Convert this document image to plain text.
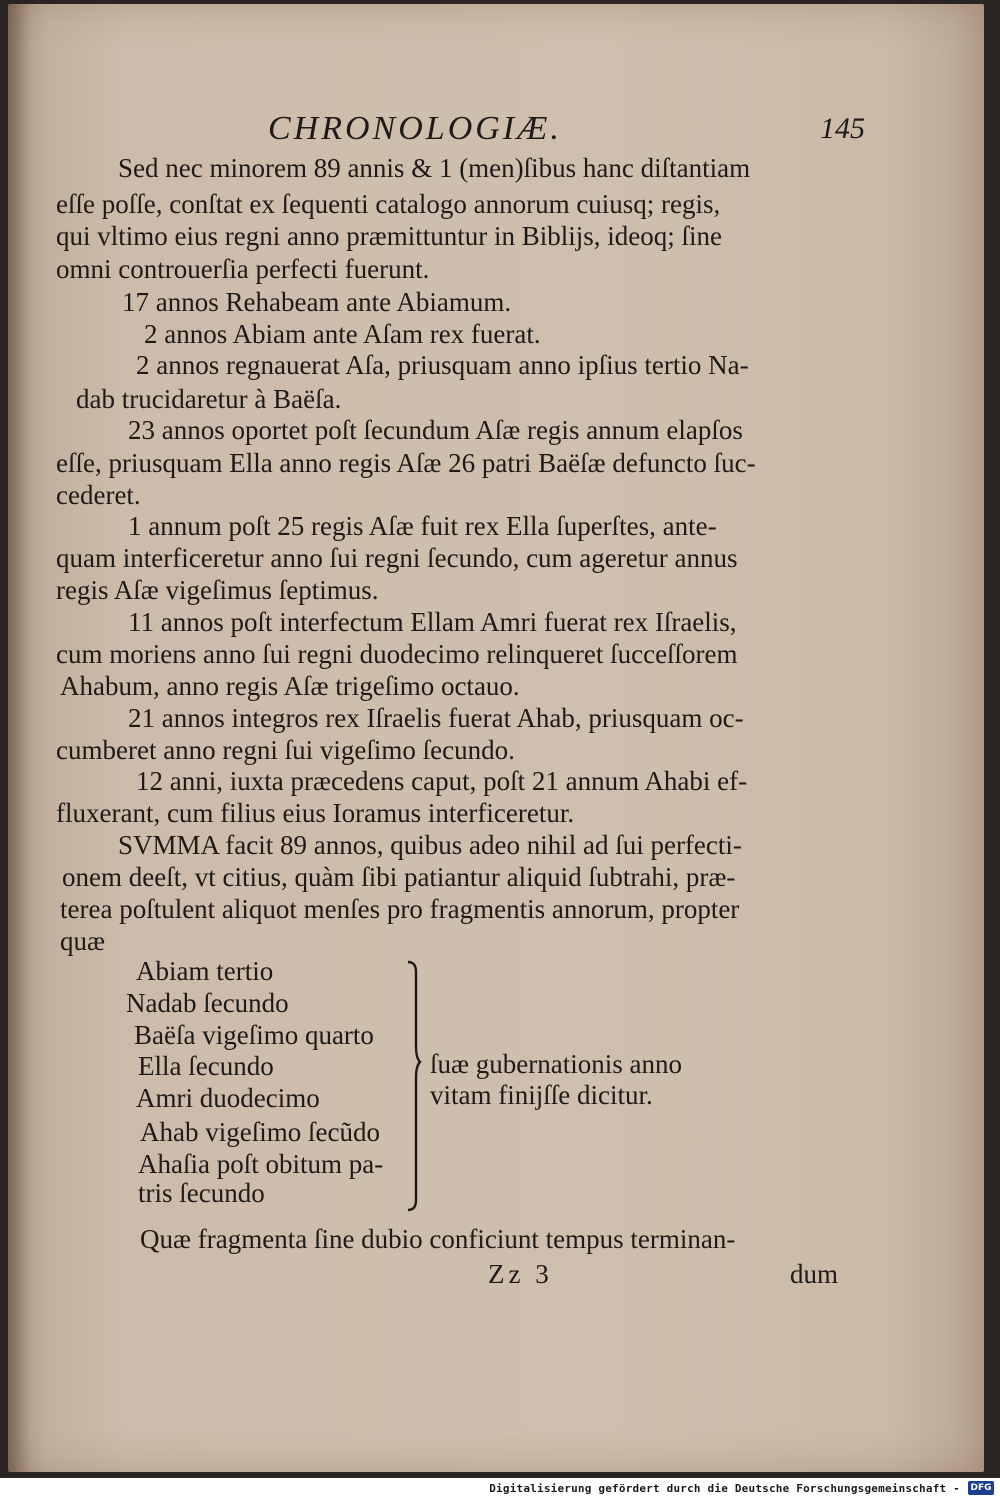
CHRONOLOGIÆ.	145
Sed nec minorem 89 annis & 1 (men)ſibus hanc diſtantiam
eſſe poſſe, conſtat ex ſequenti catalogo annorum cuiusq; regis,
qui vltimo eius regni anno præmittuntur in Biblijs, ideoq; ſine
omni controuerſia perfecti fuerunt.
17 annos Rehabeam ante Abiamum.
2 annos Abiam ante Aſam rex fuerat.
2 annos regnauerat Aſa, priusquam anno ipſius tertio Na-
dab trucidaretur à Baëſa.
23 annos oportet poſt ſecundum Aſæ regis annum elapſos
eſſe, priusquam Ella anno regis Aſæ 26 patri Baëſæ defuncto ſuc-
cederet.
1 annum poſt 25 regis Aſæ fuit rex Ella ſuperſtes, ante-
quam interficeretur anno ſui regni ſecundo, cum ageretur annus
regis Aſæ vigeſimus ſeptimus.
11 annos poſt interfectum Ellam Amri fuerat rex Iſraelis,
cum moriens anno ſui regni duodecimo relinqueret ſucceſſorem
Ahabum, anno regis Aſæ trigeſimo octauo.
21 annos integros rex Iſraelis fuerat Ahab, priusquam oc-
cumberet anno regni ſui vigeſimo ſecundo.
12 anni, iuxta præcedens caput, poſt 21 annum Ahabi ef-
fluxerant, cum filius eius Ioramus interficeretur.
SVMMA facit 89 annos, quibus adeo nihil ad ſui perfecti-
onem deeſt, vt citius, quàm ſibi patiantur aliquid ſubtrahi, præ-
terea poſtulent aliquot menſes pro fragmentis annorum, propter
quæ
Abiam tertio
Nadab ſecundo
Baëſa vigeſimo quarto
Ella ſecundo
Amri duodecimo
Ahab vigeſimo ſecũdo
Ahaſia poſt obitum pa-
tris ſecundo
ſuæ gubernationis anno
vitam finijſſe dicitur.
Quæ fragmenta ſine dubio conficiunt tempus terminan-
Zz 3	dum
Digitalisierung gefördert durch die Deutsche Forschungsgemeinschaft - DFG
